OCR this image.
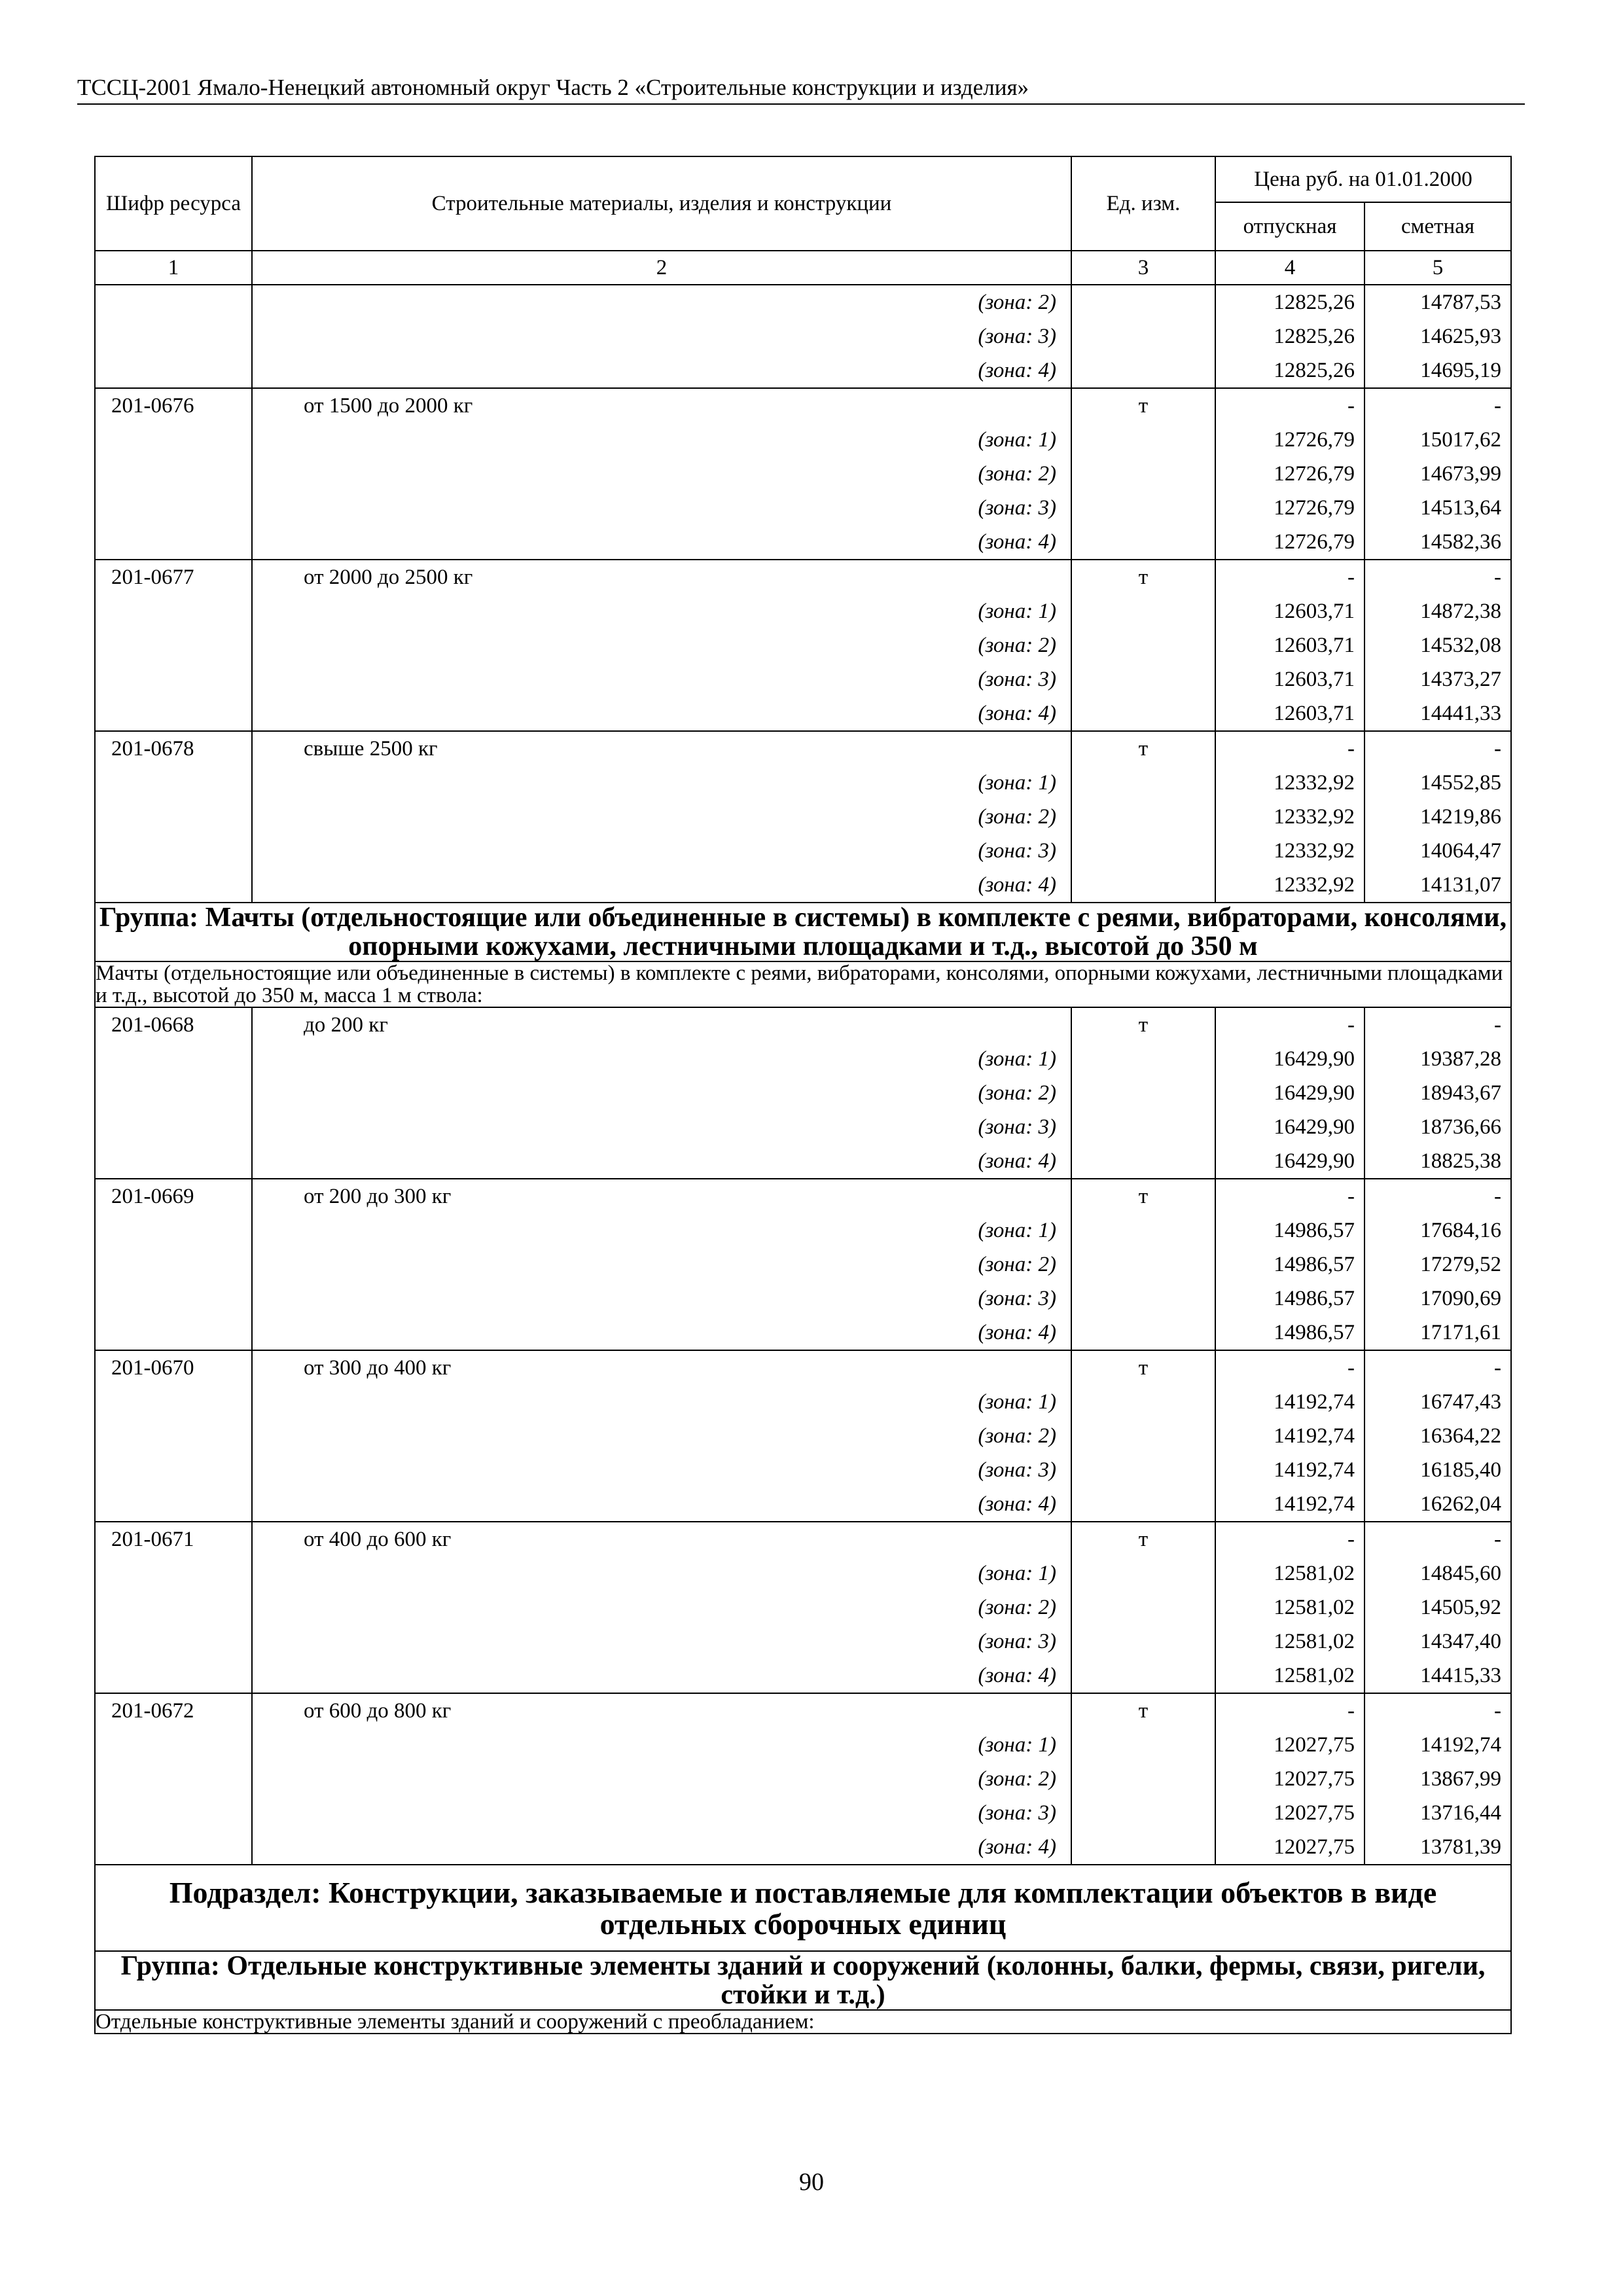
ТССЦ-2001 Ямало-Ненецкий автономный округ Часть 2 «Строительные конструкции и изделия»
Шифр ресурса	Строительные материалы, изделия и конструкции	Ед. изм.	Цена руб. на 01.01.2000	
			отпускная	сметная
1	2	3	4	5
	(зона: 2)		12825,26	14787,53
	(зона: 3)		12825,26	14625,93
	(зона: 4)		12825,26	14695,19
201-0676	от 1500 до 2000 кг	т	-	-
	(зона: 1)		12726,79	15017,62
	(зона: 2)		12726,79	14673,99
	(зона: 3)		12726,79	14513,64
	(зона: 4)		12726,79	14582,36
201-0677	от 2000 до 2500 кг	т	-	-
	(зона: 1)		12603,71	14872,38
	(зона: 2)		12603,71	14532,08
	(зона: 3)		12603,71	14373,27
	(зона: 4)		12603,71	14441,33
201-0678	свыше 2500 кг	т	-	-
	(зона: 1)		12332,92	14552,85
	(зона: 2)		12332,92	14219,86
	(зона: 3)		12332,92	14064,47
	(зона: 4)		12332,92	14131,07
Группа: Мачты (отдельностоящие или объединенные в системы) в комплекте с реями, вибраторами, консолями, опорными кожухами, лестничными площадками и т.д., высотой до 350 м				
Мачты (отдельностоящие или объединенные в системы) в комплекте с реями, вибраторами, консолями, опорными кожухами, лестничными площадками и т.д., высотой до 350 м, масса 1 м ствола:				
201-0668	до 200 кг	т	-	-
	(зона: 1)		16429,90	19387,28
	(зона: 2)		16429,90	18943,67
	(зона: 3)		16429,90	18736,66
	(зона: 4)		16429,90	18825,38
201-0669	от 200 до 300 кг	т	-	-
	(зона: 1)		14986,57	17684,16
	(зона: 2)		14986,57	17279,52
	(зона: 3)		14986,57	17090,69
	(зона: 4)		14986,57	17171,61
201-0670	от 300 до 400 кг	т	-	-
	(зона: 1)		14192,74	16747,43
	(зона: 2)		14192,74	16364,22
	(зона: 3)		14192,74	16185,40
	(зона: 4)		14192,74	16262,04
201-0671	от 400 до 600 кг	т	-	-
	(зона: 1)		12581,02	14845,60
	(зона: 2)		12581,02	14505,92
	(зона: 3)		12581,02	14347,40
	(зона: 4)		12581,02	14415,33
201-0672	от 600 до 800 кг	т	-	-
	(зона: 1)		12027,75	14192,74
	(зона: 2)		12027,75	13867,99
	(зона: 3)		12027,75	13716,44
	(зона: 4)		12027,75	13781,39
Подраздел: Конструкции, заказываемые и поставляемые для комплектации объектов в виде отдельных сборочных единиц				
Группа: Отдельные конструктивные элементы зданий и сооружений (колонны, балки, фермы, связи, ригели, стойки и т.д.)				
Отдельные конструктивные элементы зданий и сооружений с преобладанием:				
90
